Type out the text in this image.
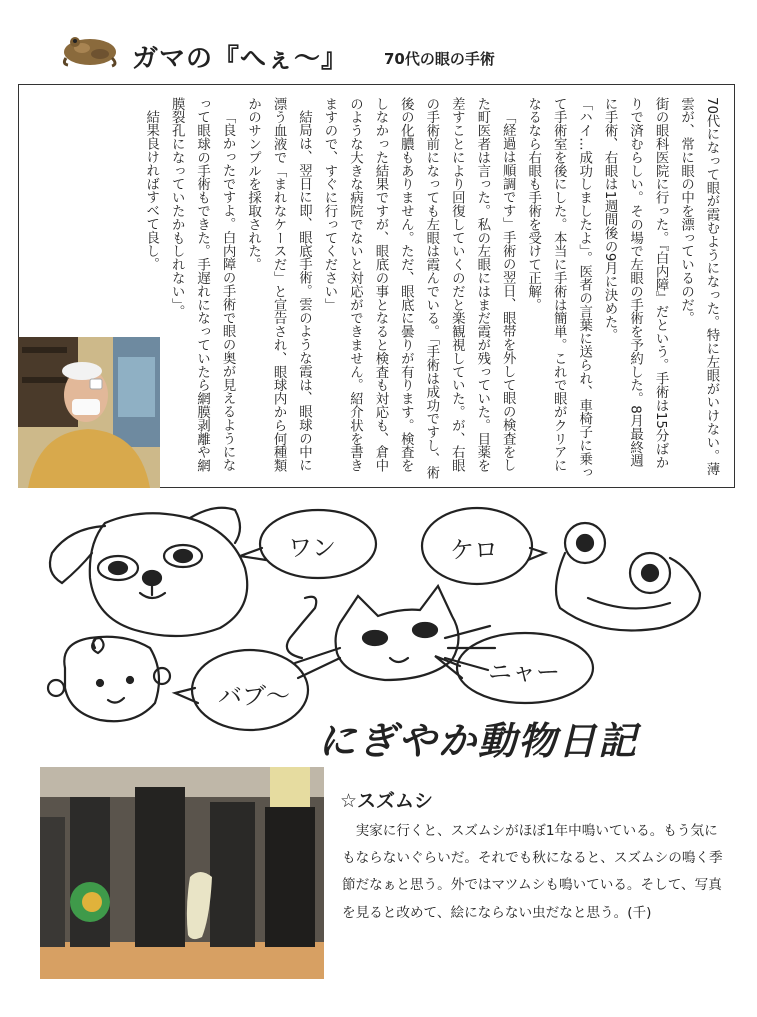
ガマの『へぇ〜』 70代の眼の手術

70代になって眼が霞むようになった。特に左眼がいけない。薄雲が、常に眼の中を漂っているのだ。

街の眼科医院に行った。『白内障』だという。手術は15分ばかりで済むらしい。その場で左眼の手術を予約した。8月最終週に手術、右眼は1週間後の9月に決めた。

「ハイ…成功しましたよ」。医者の言葉に送られ、車椅子に乗って手術室を後にした。本当に手術は簡単。これで眼がクリアになるなら右眼も手術を受けて正解。

「経過は順調です」手術の翌日、眼帯を外して眼の検査をした町医者は言った。私の左眼にはまだ霞が残っていた。目薬を差すことにより回復していくのだと楽観視していた。が、右眼の手術前になっても左眼は霞んでいる。「手術は成功ですし、術後の化膿もありません。ただ、眼底に曇りが有ります。検査をしなかった結果ですが、眼底の事となると検査も対応も、倉中のような大きな病院でないと対応ができません。紹介状を書きますので、すぐに行ってください」

結局は、翌日に即、眼底手術。雲のような霞は、眼球の中に漂う血液で「まれなケースだ」と宣告され、眼球内から何種類かのサンプルを採取された。

「良かったですよ。白内障の手術で眼の奥が見えるようになって眼球の手術もできた。手遅れになっていたら網膜剥離や網膜裂孔になっていたかもしれない」。

結果良ければすべて良し。

ワン	ケロ
ニャー
バブ〜
にぎやか動物日記
☆スズムシ

実家に行くと、スズムシがほぼ1年中鳴いている。もう気にもならないぐらいだ。それでも秋になると、スズムシの鳴く季節だなぁと思う。外ではマツムシも鳴いている。そして、写真を見ると改めて、絵にならない虫だなと思う。(千)
